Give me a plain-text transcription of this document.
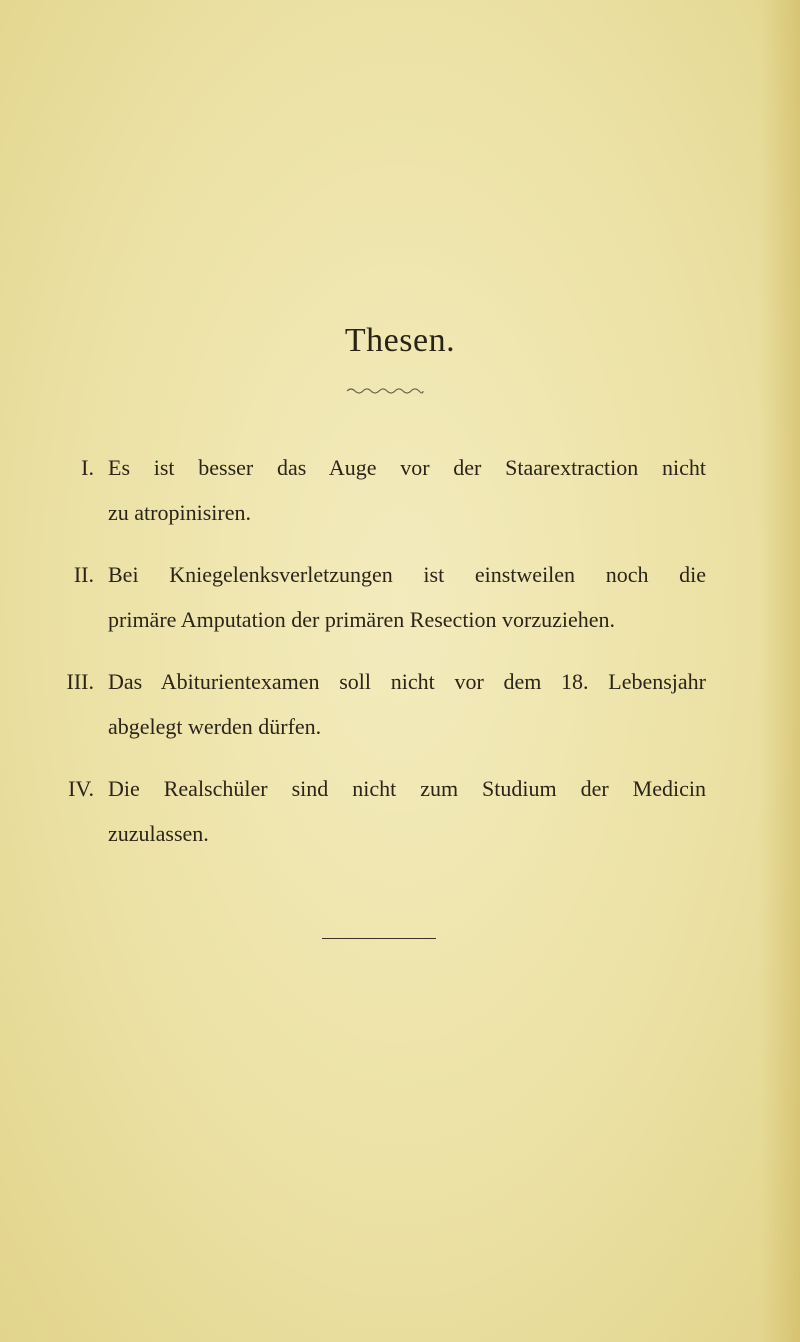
Thesen.
I. Es ist besser das Auge vor der Staarextraction nicht
zu atropinisiren.
II. Bei Kniegelenksverletzungen ist einstweilen noch die
primäre Amputation der primären Resection vorzuziehen.
III. Das Abiturientexamen soll nicht vor dem 18. Lebensjahr
abgelegt werden dürfen.
IV. Die Realschüler sind nicht zum Studium der Medicin
zuzulassen.
